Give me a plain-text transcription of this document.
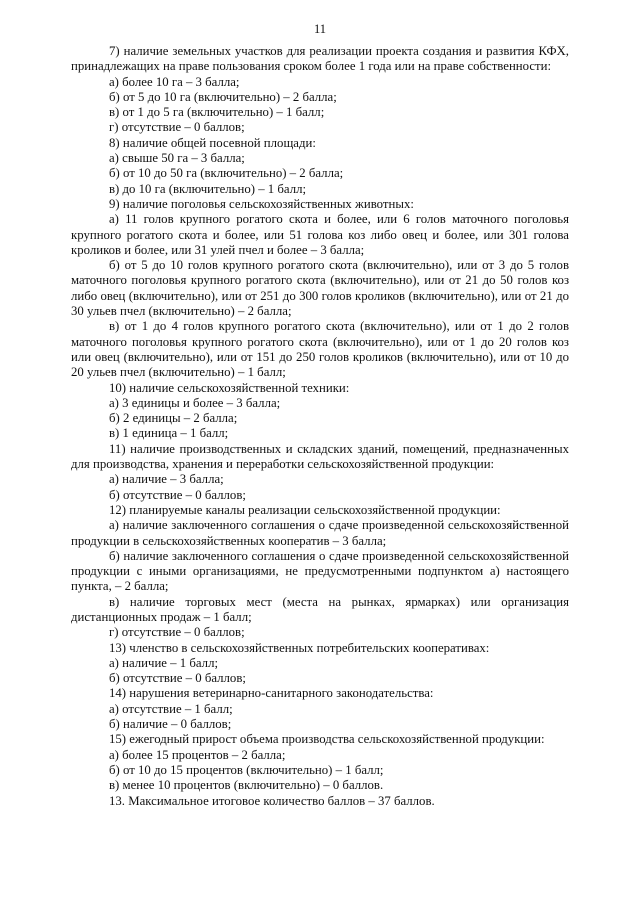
11

7) наличие земельных участков для реализации проекта создания и развития КФХ, принадлежащих на праве пользования сроком более 1 года или на праве собственности:

а) более 10 га – 3 балла;

б) от 5 до 10 га (включительно) – 2 балла;

в) от 1 до 5 га (включительно) – 1 балл;

г) отсутствие – 0 баллов;

8) наличие общей посевной площади:

а) свыше 50 га – 3 балла;

б) от 10 до 50 га (включительно) – 2 балла;

в) до 10 га (включительно) – 1 балл;

9) наличие поголовья сельскохозяйственных животных:

а) 11 голов крупного рогатого скота и более, или 6 голов маточного поголовья крупного рогатого скота и более, или 51 голова коз либо овец и более, или 301 голова кроликов и более, или 31 улей пчел и более – 3 балла;

б) от 5 до 10 голов крупного рогатого скота (включительно), или от 3 до 5 голов маточного поголовья крупного рогатого скота (включительно), или от 21 до 50 голов коз либо овец (включительно), или от 251 до 300 голов кроликов (включительно), или от 21 до 30 ульев пчел (включительно) – 2 балла;

в) от 1 до 4 голов крупного рогатого скота (включительно), или от 1 до 2 голов маточного поголовья крупного рогатого скота (включительно), или от 1 до 20 голов коз или овец (включительно), или от 151 до 250 голов кроликов (включительно), или от 10 до 20 ульев пчел (включительно) – 1 балл;

10) наличие сельскохозяйственной техники:

а) 3 единицы и более – 3 балла;

б) 2 единицы – 2 балла;

в) 1 единица – 1 балл;

11) наличие производственных и складских зданий, помещений, предназначенных для производства, хранения и переработки сельскохозяйственной продукции:

а) наличие – 3 балла;

б) отсутствие – 0 баллов;

12) планируемые каналы реализации сельскохозяйственной продукции:

а) наличие заключенного соглашения о сдаче произведенной сельскохозяйственной продукции в сельскохозяйственных кооператив – 3 балла;

б) наличие заключенного соглашения о сдаче произведенной сельскохозяйственной продукции с иными организациями, не предусмотренными подпунктом а) настоящего пункта, – 2 балла;

в) наличие торговых мест (места на рынках, ярмарках) или организация дистанционных продаж – 1 балл;

г) отсутствие – 0 баллов;

13) членство в сельскохозяйственных потребительских кооперативах:

а) наличие – 1 балл;

б) отсутствие – 0 баллов;

14) нарушения ветеринарно-санитарного законодательства:

а) отсутствие – 1 балл;

б) наличие – 0 баллов;

15) ежегодный прирост объема производства сельскохозяйственной продукции:

а) более 15 процентов – 2 балла;

б) от 10 до 15 процентов (включительно) – 1 балл;

в) менее 10 процентов (включительно) – 0 баллов.

13. Максимальное итоговое количество баллов – 37 баллов.
